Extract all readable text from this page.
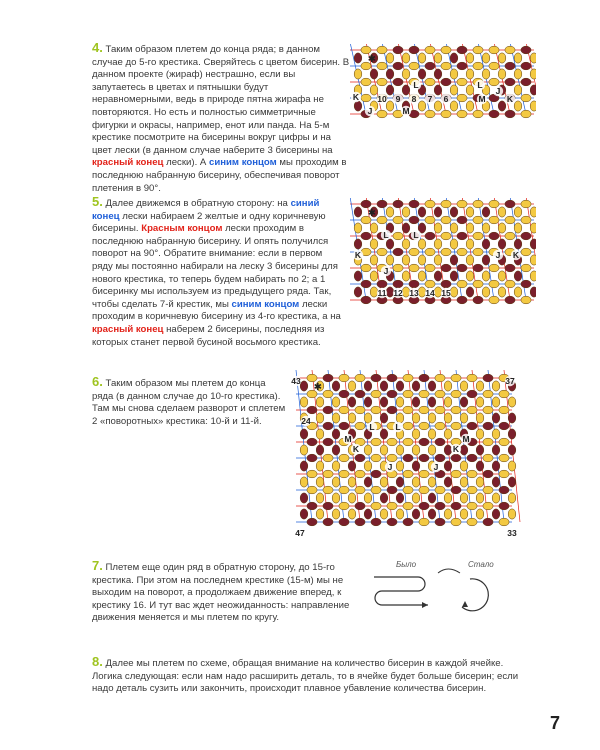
4. Таким образом плетем до конца ряда; в данном случае до 5-го крестика. Сверяйтесь с цветом бисерин. В данном проекте (жираф) нестрашно, если вы запутаетесь в цветах и пятнышки будут неравномерными, ведь в природе пятна жирафа не повторяются. Но есть и полностью симметричные фигурки и окрасы, например, енот или панда. На 5-м крестике посмотрите на бисерины вокруг цифры и на цвет лески (в данном случае наберите 3 бисерины на красный конец лески). А синим концом мы проходим в последнюю набранную бисерину, обеспечивая поворот плетения в 90°.
✱
10 9 8 7 6
K
M
J
J
M	K
L	L
5. Далее движемся в обратную сторону: на синий конец лески набираем 2 желтые и одну коричневую бисерины. Красным концом лески проходим в последнюю набранную бисерину. И опять получился поворот на 90°. Обратите внимание: если в первом ряду мы постоянно набирали на леску 3 бисерины для нового крестика, то теперь будем набирать по 2; а 1 бисеринку мы используем из предыдущего ряда. Так, чтобы сделать 7-й крестик, мы синим концом лески проходим в коричневую бисерину из 4-го крестика, а на красный конец наберем 2 бисерины, последняя из которых станет первой бусиной восьмого крестика.
✱
L	L
K
J
J K
11 12 13 14 15
6. Таким образом мы плетем до конца ряда (в данном случае до 10-го крестика). Там мы снова сделаем разворот и сплетем 2 «поворотных» крестика: 10-й и 11-й.
✱
43	37
24
47	33
L L
K
J	J
K
M	M
7. Плетем еще один ряд в обратную сторону, до 15-го крестика. При этом на последнем крестике (15-м) мы не выходим на поворот, а продолжаем движение вперед, к крестику 16. И тут вас ждет неожиданность: направление движения меняется и мы плетем по кругу.
Было	Стало
8. Далее мы плетем по схеме, обращая внимание на количество бисерин в каждой ячейке. Логика следующая: если нам надо расширить деталь, то в ячейке будет больше бисерин; если надо деталь сузить или закончить, происходит плавное убавление количества бисерин.
7
